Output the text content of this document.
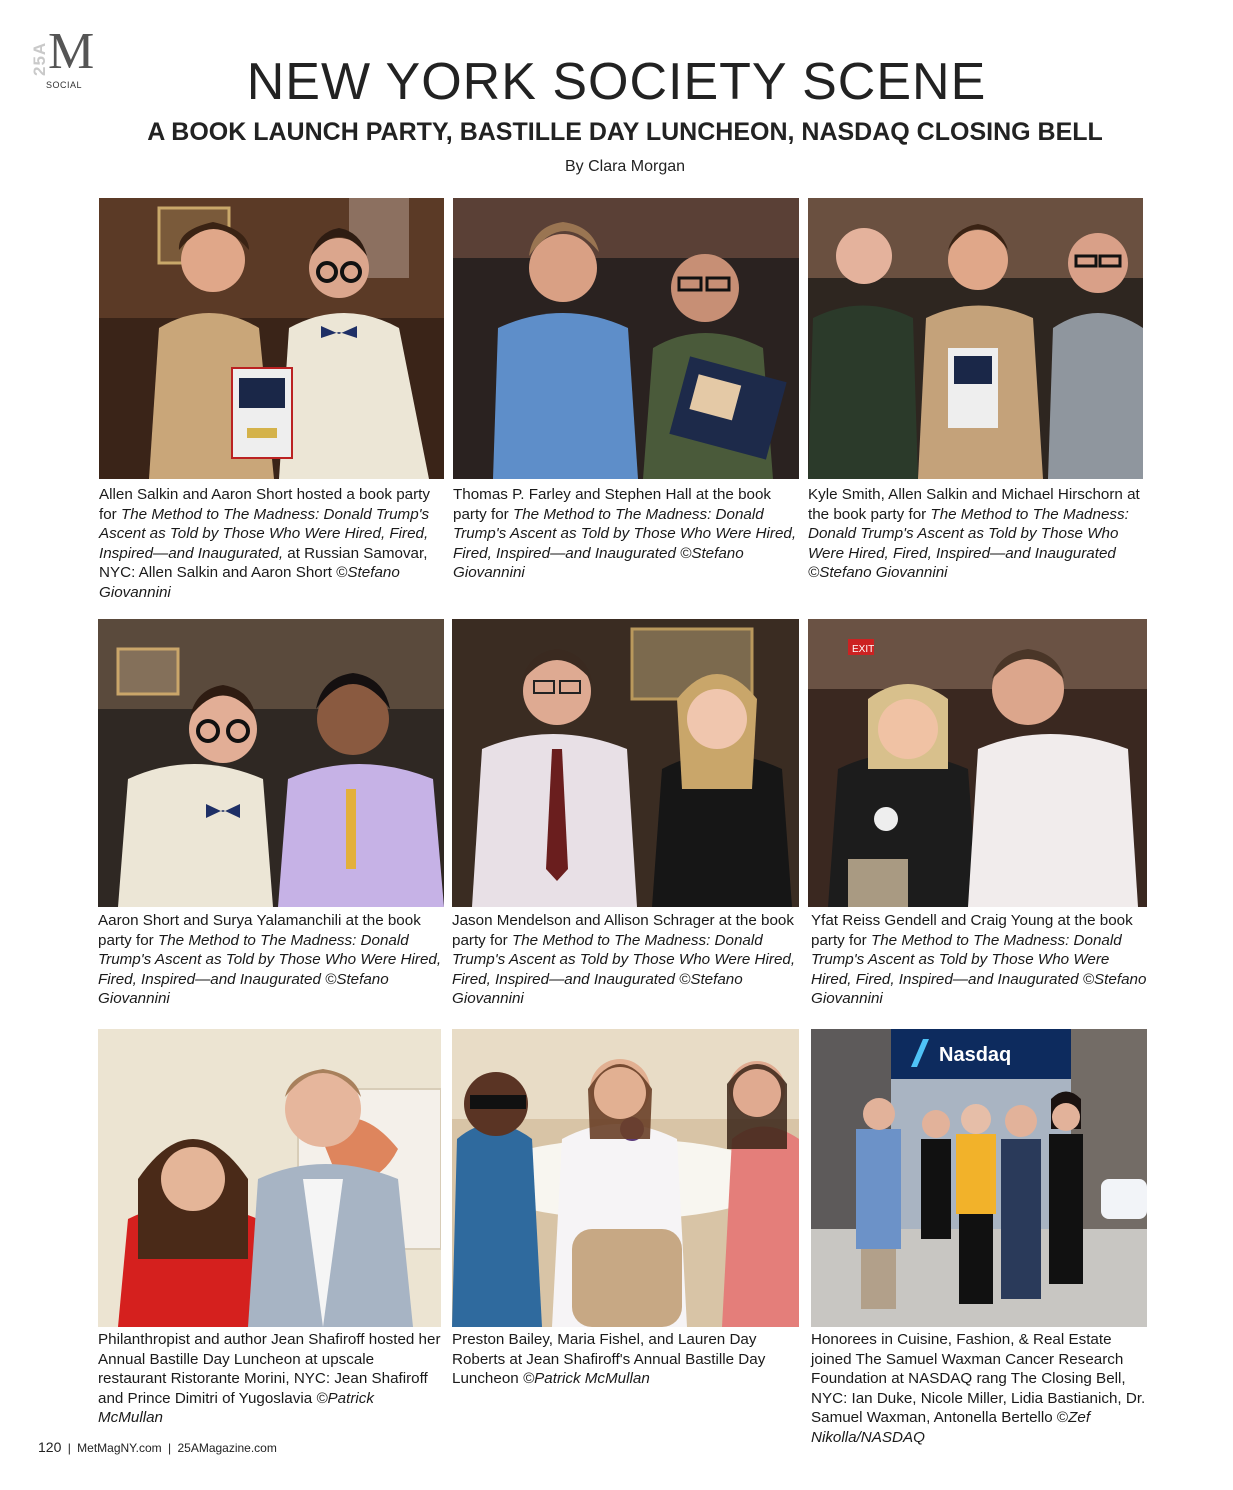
25A M
SOCIAL	NEW YORK SOCIETY SCENE
A BOOK LAUNCH PARTY, BASTILLE DAY LUNCHEON, NASDAQ CLOSING BELL
By Clara Morgan
Allen Salkin and Aaron Short hosted a book party for The Method to The Madness: Donald Trump's Ascent as Told by Those Who Were Hired, Fired, Inspired—and Inaugurated, at Russian Samovar, NYC: Allen Salkin and Aaron Short ©Stefano Giovannini
Thomas P. Farley and Stephen Hall at the book party for The Method to The Madness: Donald Trump's Ascent as Told by Those Who Were Hired, Fired, Inspired—and Inaugurated ©Stefano Giovannini
Kyle Smith, Allen Salkin and Michael Hirschorn at the book party for The Method to The Madness: Donald Trump's Ascent as Told by Those Who Were Hired, Fired, Inspired—and Inaugurated ©Stefano Giovannini
Aaron Short and Surya Yalamanchili at the book party for The Method to The Madness: Donald Trump's Ascent as Told by Those Who Were Hired, Fired, Inspired—and Inaugurated ©Stefano Giovannini
Jason Mendelson and Allison Schrager at the book party for The Method to The Madness: Donald Trump's Ascent as Told by Those Who Were Hired, Fired, Inspired—and Inaugurated ©Stefano Giovannini
EXIT
Yfat Reiss Gendell and Craig Young at the book party for The Method to The Madness: Donald Trump's Ascent as Told by Those Who Were Hired, Fired, Inspired—and Inaugurated ©Stefano Giovannini
Philanthropist and author Jean Shafiroff hosted her Annual Bastille Day Luncheon at upscale restaurant Ristorante Morini, NYC: Jean Shafiroff and Prince Dimitri of Yugoslavia ©Patrick McMullan
Preston Bailey, Maria Fishel, and Lauren Day Roberts at Jean Shafiroff's Annual Bastille Day Luncheon ©Patrick McMullan
Nasdaq
Honorees in Cuisine, Fashion, & Real Estate joined The Samuel Waxman Cancer Research Foundation at NASDAQ rang The Closing Bell, NYC: Ian Duke, Nicole Miller, Lidia Bastianich, Dr. Samuel Waxman, Antonella Bertello ©Zef Nikolla/NASDAQ
120 | MetMagNY.com | 25AMagazine.com
